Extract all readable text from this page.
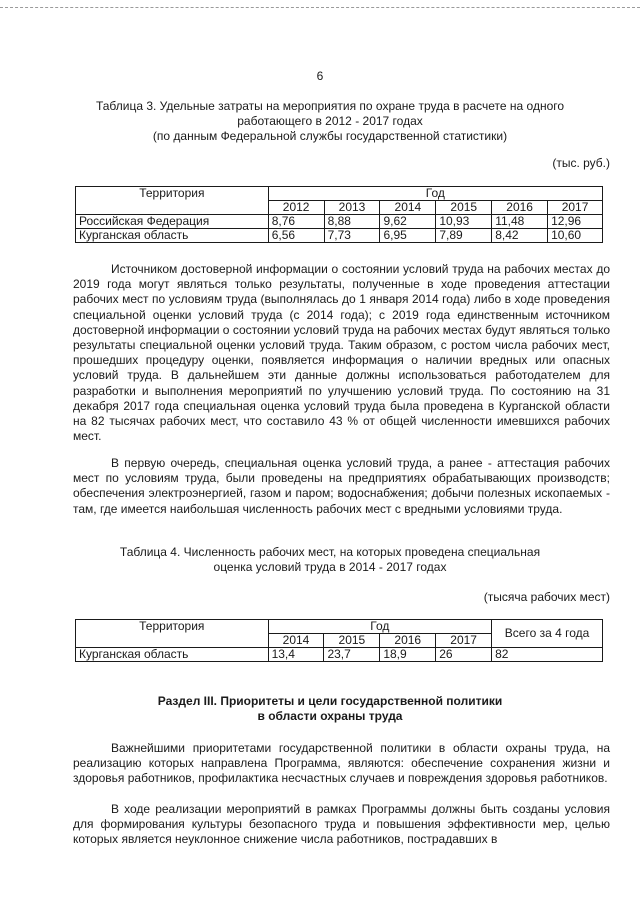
6
Таблица 3. Удельные затраты на мероприятия по охране труда в расчете на одного
работающего в 2012 - 2017 годах
(по данным Федеральной службы государственной статистики)
(тыс. руб.)
Территория	Год					
	2012	2013	2014	2015	2016	2017
Российская Федерация	8,76	8,88	9,62	10,93	11,48	12,96
Курганская область	6,56	7,73	6,95	7,89	8,42	10,60

Источником достоверной информации о состоянии условий труда на рабочих местах до 2019 года могут являться только результаты, полученные в ходе проведения аттестации рабочих мест по условиям труда (выполнялась до 1 января 2014 года) либо в ходе проведения специальной оценки условий труда (с 2014 года); с 2019 года единственным источником достоверной информации о состоянии условий труда на рабочих местах будут являться только результаты специальной оценки условий труда. Таким образом, с ростом числа рабочих мест, прошедших процедуру оценки, появляется информация о наличии вредных или опасных условий труда. В дальнейшем эти данные должны использоваться работодателем для разработки и выполнения мероприятий по улучшению условий труда. По состоянию на 31 декабря 2017 года специальная оценка условий труда была проведена в Курганской области на 82 тысячах рабочих мест, что составило 43 % от общей численности имевшихся рабочих мест.

В первую очередь, специальная оценка условий труда, а ранее - аттестация рабочих мест по условиям труда, были проведены на предприятиях обрабатывающих производств; обеспечения электроэнергией, газом и паром; водоснабжения; добычи полезных ископаемых - там, где имеется наибольшая численность рабочих мест с вредными условиями труда.

Таблица 4. Численность рабочих мест, на которых проведена специальная
оценка условий труда в 2014 - 2017 годах
(тысяча рабочих мест)
Территория	Год				Всего за 4 года
	2014	2015	2016	2017	
Курганская область	13,4	23,7	18,9	26	82
Раздел III. Приоритеты и цели государственной политики
в области охраны труда

Важнейшими приоритетами государственной политики в области охраны труда, на реализацию которых направлена Программа, являются: обеспечение сохранения жизни и здоровья работников, профилактика несчастных случаев и повреждения здоровья работников.

В ходе реализации мероприятий в рамках Программы должны быть созданы условия для формирования культуры безопасного труда и повышения эффективности мер, целью которых является неуклонное снижение числа работников, пострадавших в
